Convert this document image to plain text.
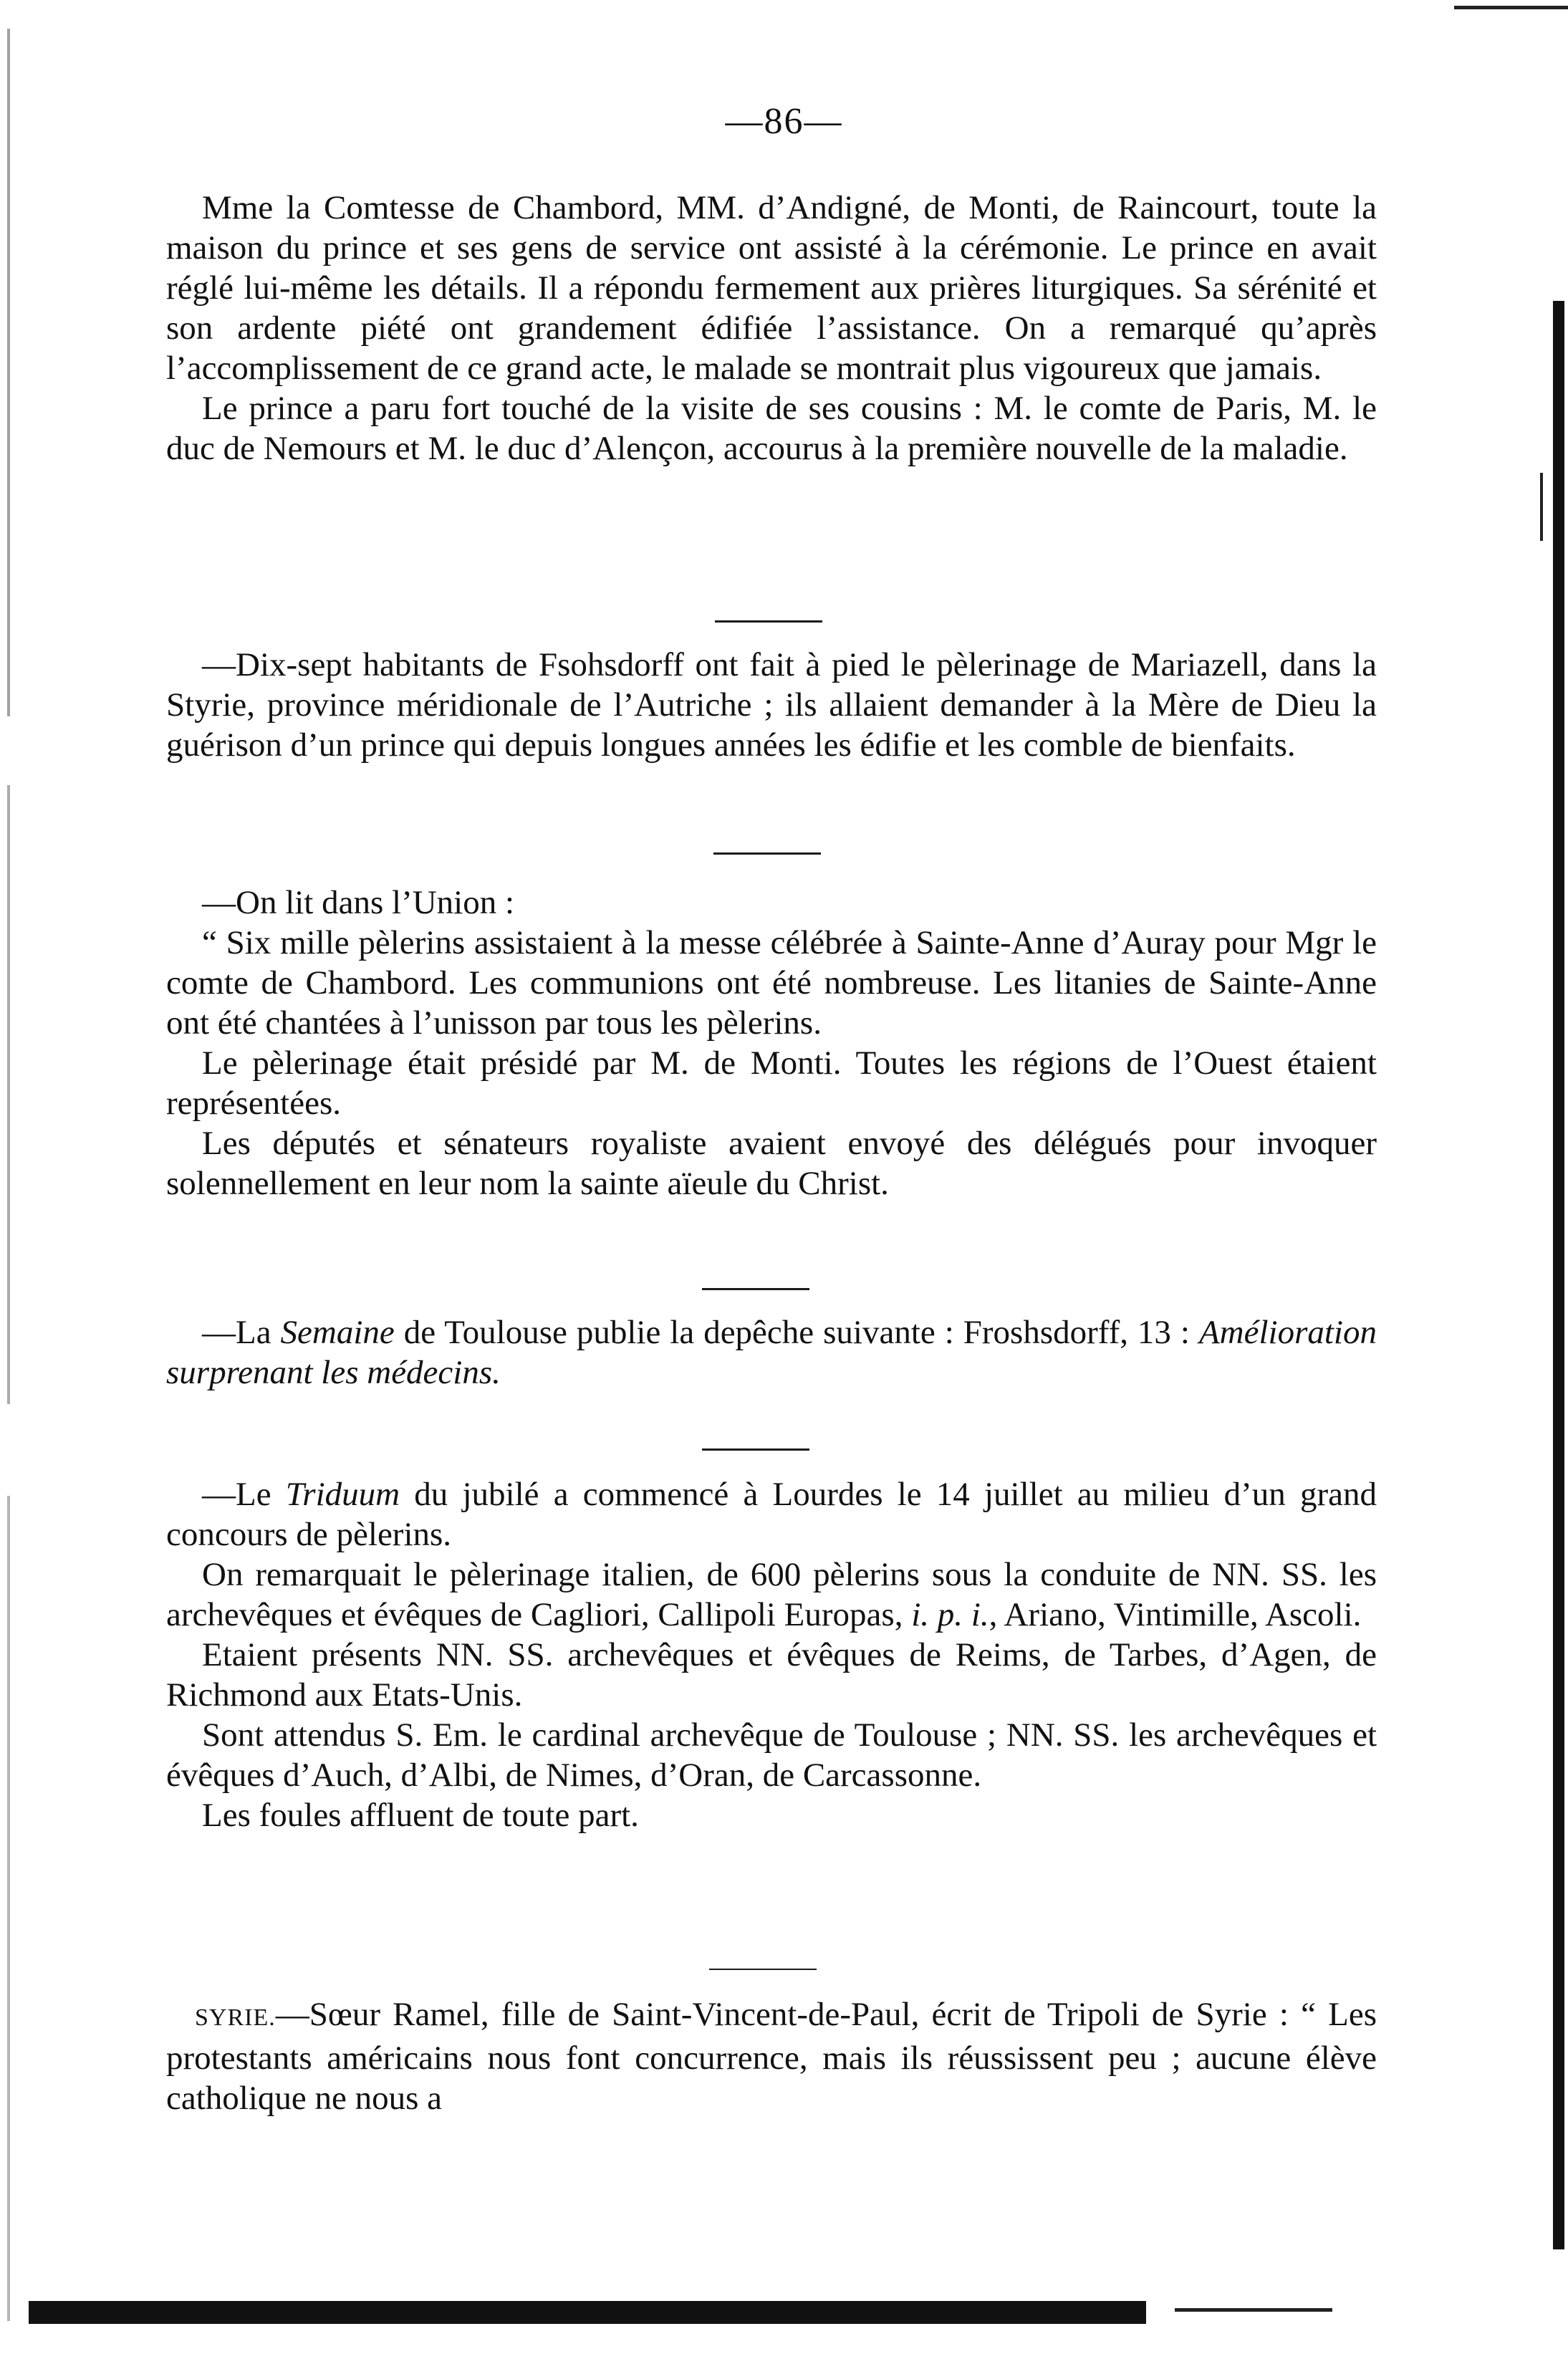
—86—

Mme la Comtesse de Chambord, MM. d’Andigné, de Monti, de Raincourt, toute la maison du prince et ses gens de service ont assisté à la cérémonie. Le prince en avait réglé lui-même les détails. Il a répondu fermement aux prières liturgiques. Sa sérénité et son ardente piété ont grandement édifiée l’assistance. On a remarqué qu’après l’accomplissement de ce grand acte, le malade se montrait plus vigoureux que jamais.

Le prince a paru fort touché de la visite de ses cousins : M. le comte de Paris, M. le duc de Nemours et M. le duc d’Alençon, accourus à la première nouvelle de la maladie.

—Dix-sept habitants de Fsohsdorff ont fait à pied le pèlerinage de Mariazell, dans la Styrie, province méridionale de l’Autriche ; ils allaient demander à la Mère de Dieu la guérison d’un prince qui depuis longues années les édifie et les comble de bienfaits.

—On lit dans l’Union :

“ Six mille pèlerins assistaient à la messe célébrée à Sainte-Anne d’Auray pour Mgr le comte de Chambord. Les communions ont été nombreuse. Les litanies de Sainte-Anne ont été chantées à l’unisson par tous les pèlerins.

Le pèlerinage était présidé par M. de Monti. Toutes les régions de l’Ouest étaient représentées.

Les députés et sénateurs royaliste avaient envoyé des délégués pour invoquer solennellement en leur nom la sainte aïeule du Christ.

—La Semaine de Toulouse publie la depêche suivante : Froshsdorff, 13 : Amélioration surprenant les médecins.

—Le Triduum du jubilé a commencé à Lourdes le 14 juillet au milieu d’un grand concours de pèlerins.

On remarquait le pèlerinage italien, de 600 pèlerins sous la conduite de NN. SS. les archevêques et évêques de Cagliori, Callipoli Europas, i. p. i., Ariano, Vintimille, Ascoli.

Etaient présents NN. SS. archevêques et évêques de Reims, de Tarbes, d’Agen, de Richmond aux Etats-Unis.

Sont attendus S. Em. le cardinal archevêque de Toulouse ; NN. SS. les archevêques et évêques d’Auch, d’Albi, de Nimes, d’Oran, de Carcassonne.

Les foules affluent de toute part.

SYRIE.—Sœur Ramel, fille de Saint-Vincent-de-Paul, écrit de Tripoli de Syrie : “ Les protestants américains nous font concurrence, mais ils réussissent peu ; aucune élève catholique ne nous a
